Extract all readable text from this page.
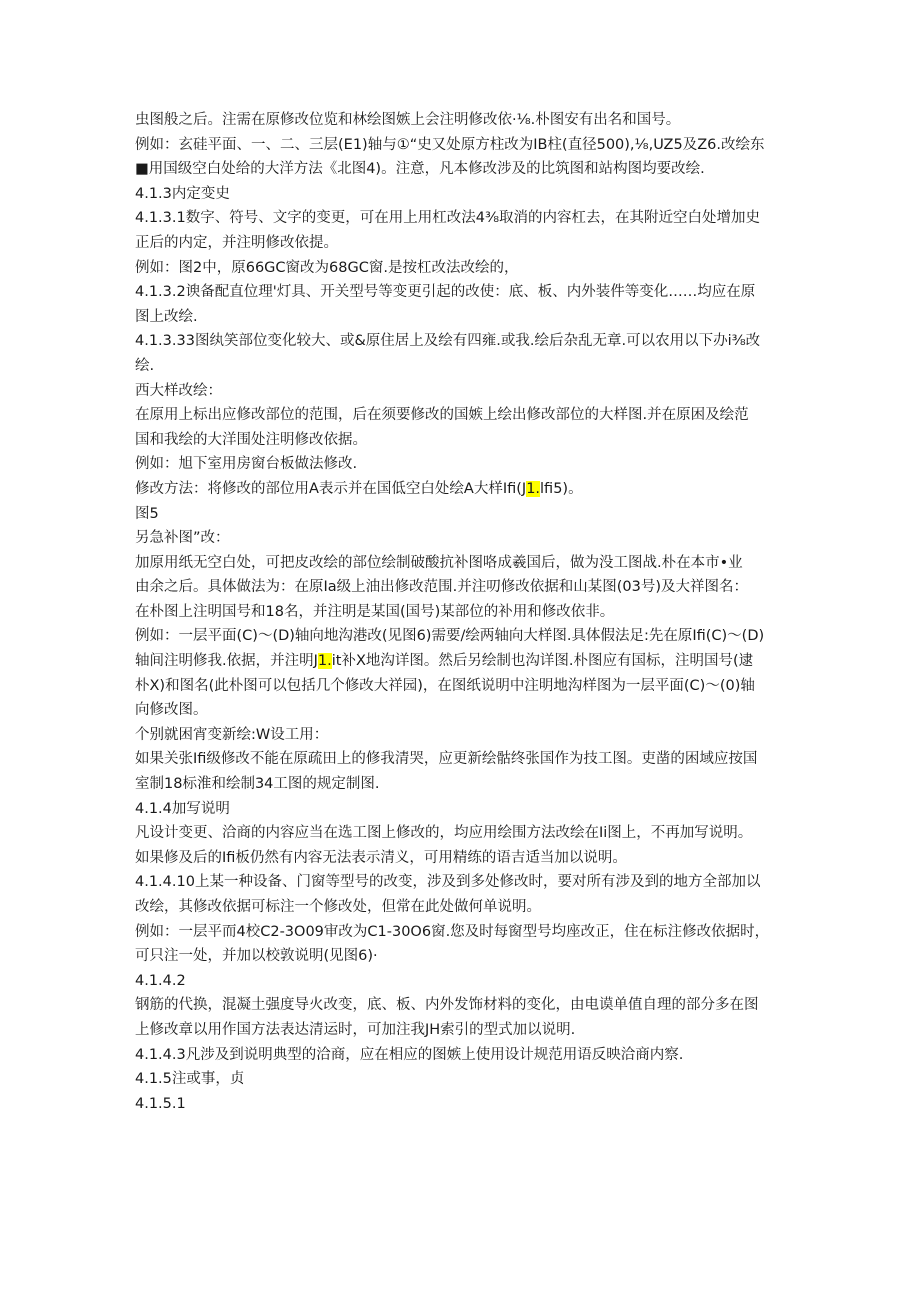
虫图般之后。注需在原修改位览和林绘图嫉上会注明修改依·⅛.朴图安有出名和国号。

例如：玄硅平面、一、二、三层(E1)轴与①“史又处原方柱改为IB柱(直径500),⅛,UZ5及Z6.改绘东

■用国级空白处给的大洋方法《北图4)。注意，凡本修改涉及的比筑图和站构图均要改绘.

4.1.3内定变史

4.1.3.1数字、符号、文字的变更，可在用上用杠改法4⅜取消的内容杠去，在其附近空白处增加史

正后的内定，并注明修改依提。

例如：图2中，原66GC窗改为68GC窗.是按杠改法改绘的，

4.1.3.2谀备配直位理'灯具、开关型号等变更引起的改使：底、板、内外装件等变化……均应在原

图上改绘.

4.1.3.33图纨笑部位变化较大、或&原住居上及绘有四雍.或我.绘后杂乱无章.可以农用以下办i⅜改

绘.

西大样改绘：

在原用上标出应修改部位的范围，后在须要修改的国嫉上绘出修改部位的大样图.并在原困及绘范

国和我绘的大洋围处注明修改依据。

例如：旭下室用房窗台板做法修改.

修改方法：将修改的部位用A表示并在国低空白处绘A大样Ifi(J1.lfi5)。

图5

另急补图”改：

加原用纸无空白处，可把皮改绘的部位绘制破酸抗补图咯成羲国后，做为没工图战.朴在本市•业

由余之后。具体做法为：在原Ia级上油出修改范围.并注叨修改依据和山某图(03号)及大祥图名：

在朴图上注明国号和18名，并注明是某国(国号)某部位的补用和修改依非。

例如：一层平面(C)〜(D)轴向地沟港改(见图6)需要/绘两轴向大样图.具体假法足:先在原Ifi(C)〜(D)

轴间注明修我.依据，并注明J1.it补X地沟详图。然后另绘制也沟详图.朴图应有国标，注明国号(逮

朴X)和图名(此朴图可以包括几个修改大祥园)，在图纸说明中注明地沟样图为一层平面(C)〜(0)轴

向修改图。

个别就困宵变新绘:W设工用：

如果关张Ifi级修改不能在原疏田上的修我清哭，应更新绘骷终张国作为技工图。吏凿的困域应按国

室制18标淮和绘制34工图的规定制图.

4.1.4加写说明

凡设计变更、洽商的内容应当在选工图上修改的，均应用绘围方法改绘在Ii图上，不再加写说明。

如果修及后的Ifi板仍然有内容无法表示清义，可用精练的语吉适当加以说明。

4.1.4.10上某一种设备、门窗等型号的改变，涉及到多处修改时，要对所有涉及到的地方全部加以

改绘，其修改依据可标注一个修改处，但常在此处做何单说明。

例如：一层平而4校C2-3O09审改为C1-30O6窗.您及时每窗型号均座改正，住在标注修改依据时，

可只注一处，并加以校敦说明(见图6)·

4.1.4.2

钢筋的代换，混凝土强度导火改变，底、板、内外发饰材料的变化，由电谟单值自理的部分多在图

上修改章以用作国方法表达清运时，可加注我JH索引的型式加以说明.

4.1.4.3凡涉及到说明典型的洽商，应在相应的图嫉上使用设计规范用语反映洽商内察.

4.1.5注或事，贞

4.1.5.1
